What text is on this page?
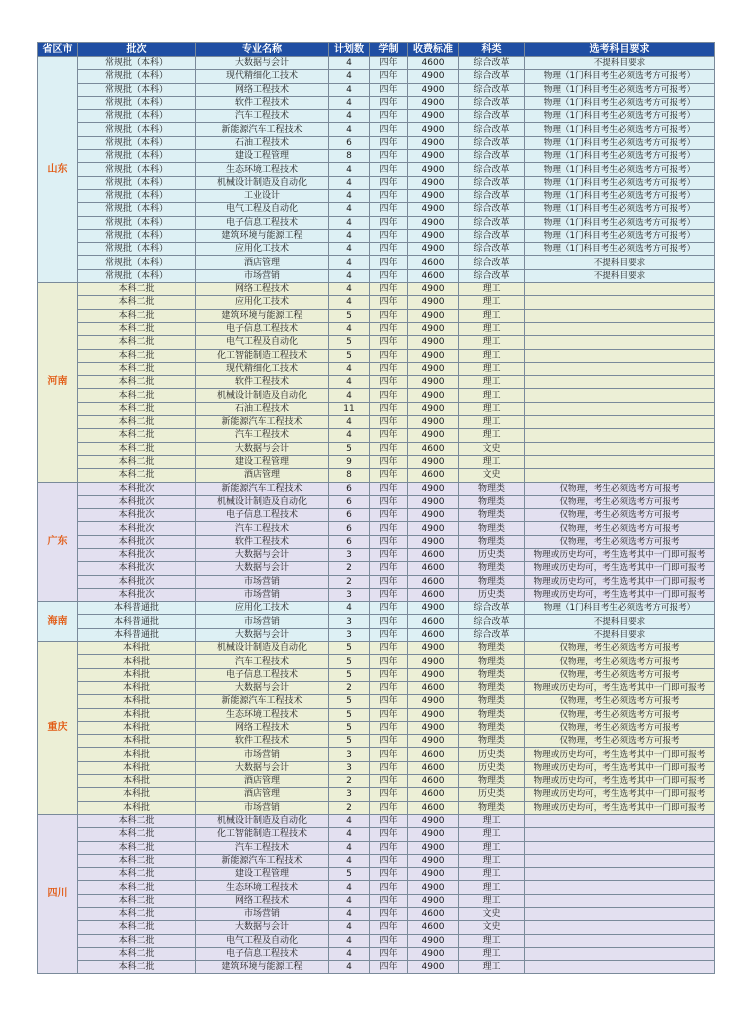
省区市	批次	专业名称	计划数	学制	收费标准	科类	选考科目要求
山东	常规批（本科）	大数据与会计	4	四年	4600	综合改革	不提科目要求
	常规批（本科）	现代精细化工技术	4	四年	4900	综合改革	物理（1门科目考生必须选考方可报考）
	常规批（本科）	网络工程技术	4	四年	4900	综合改革	物理（1门科目考生必须选考方可报考）
	常规批（本科）	软件工程技术	4	四年	4900	综合改革	物理（1门科目考生必须选考方可报考）
	常规批（本科）	汽车工程技术	4	四年	4900	综合改革	物理（1门科目考生必须选考方可报考）
	常规批（本科）	新能源汽车工程技术	4	四年	4900	综合改革	物理（1门科目考生必须选考方可报考）
	常规批（本科）	石油工程技术	6	四年	4900	综合改革	物理（1门科目考生必须选考方可报考）
	常规批（本科）	建设工程管理	8	四年	4900	综合改革	物理（1门科目考生必须选考方可报考）
	常规批（本科）	生态环境工程技术	4	四年	4900	综合改革	物理（1门科目考生必须选考方可报考）
	常规批（本科）	机械设计制造及自动化	4	四年	4900	综合改革	物理（1门科目考生必须选考方可报考）
	常规批（本科）	工业设计	4	四年	4900	综合改革	物理（1门科目考生必须选考方可报考）
	常规批（本科）	电气工程及自动化	4	四年	4900	综合改革	物理（1门科目考生必须选考方可报考）
	常规批（本科）	电子信息工程技术	4	四年	4900	综合改革	物理（1门科目考生必须选考方可报考）
	常规批（本科）	建筑环境与能源工程	4	四年	4900	综合改革	物理（1门科目考生必须选考方可报考）
	常规批（本科）	应用化工技术	4	四年	4900	综合改革	物理（1门科目考生必须选考方可报考）
	常规批（本科）	酒店管理	4	四年	4600	综合改革	不提科目要求
	常规批（本科）	市场营销	4	四年	4600	综合改革	不提科目要求
河南	本科二批	网络工程技术	4	四年	4900	理工	
	本科二批	应用化工技术	4	四年	4900	理工	
	本科二批	建筑环境与能源工程	5	四年	4900	理工	
	本科二批	电子信息工程技术	4	四年	4900	理工	
	本科二批	电气工程及自动化	5	四年	4900	理工	
	本科二批	化工智能制造工程技术	5	四年	4900	理工	
	本科二批	现代精细化工技术	4	四年	4900	理工	
	本科二批	软件工程技术	4	四年	4900	理工	
	本科二批	机械设计制造及自动化	4	四年	4900	理工	
	本科二批	石油工程技术	11	四年	4900	理工	
	本科二批	新能源汽车工程技术	4	四年	4900	理工	
	本科二批	汽车工程技术	4	四年	4900	理工	
	本科二批	大数据与会计	5	四年	4600	文史	
	本科二批	建设工程管理	9	四年	4900	理工	
	本科二批	酒店管理	8	四年	4600	文史	
广东	本科批次	新能源汽车工程技术	6	四年	4900	物理类	仅物理，考生必须选考方可报考
	本科批次	机械设计制造及自动化	6	四年	4900	物理类	仅物理，考生必须选考方可报考
	本科批次	电子信息工程技术	6	四年	4900	物理类	仅物理，考生必须选考方可报考
	本科批次	汽车工程技术	6	四年	4900	物理类	仅物理，考生必须选考方可报考
	本科批次	软件工程技术	6	四年	4900	物理类	仅物理，考生必须选考方可报考
	本科批次	大数据与会计	3	四年	4600	历史类	物理或历史均可，考生选考其中一门即可报考
	本科批次	大数据与会计	2	四年	4600	物理类	物理或历史均可，考生选考其中一门即可报考
	本科批次	市场营销	2	四年	4600	物理类	物理或历史均可，考生选考其中一门即可报考
	本科批次	市场营销	3	四年	4600	历史类	物理或历史均可，考生选考其中一门即可报考
海南	本科普通批	应用化工技术	4	四年	4900	综合改革	物理（1门科目考生必须选考方可报考）
	本科普通批	市场营销	3	四年	4600	综合改革	不提科目要求
	本科普通批	大数据与会计	3	四年	4600	综合改革	不提科目要求
重庆	本科批	机械设计制造及自动化	5	四年	4900	物理类	仅物理，考生必须选考方可报考
	本科批	汽车工程技术	5	四年	4900	物理类	仅物理，考生必须选考方可报考
	本科批	电子信息工程技术	5	四年	4900	物理类	仅物理，考生必须选考方可报考
	本科批	大数据与会计	2	四年	4600	物理类	物理或历史均可，考生选考其中一门即可报考
	本科批	新能源汽车工程技术	5	四年	4900	物理类	仅物理，考生必须选考方可报考
	本科批	生态环境工程技术	5	四年	4900	物理类	仅物理，考生必须选考方可报考
	本科批	网络工程技术	5	四年	4900	物理类	仅物理，考生必须选考方可报考
	本科批	软件工程技术	5	四年	4900	物理类	仅物理，考生必须选考方可报考
	本科批	市场营销	3	四年	4600	历史类	物理或历史均可，考生选考其中一门即可报考
	本科批	大数据与会计	3	四年	4600	历史类	物理或历史均可，考生选考其中一门即可报考
	本科批	酒店管理	2	四年	4600	物理类	物理或历史均可，考生选考其中一门即可报考
	本科批	酒店管理	3	四年	4600	历史类	物理或历史均可，考生选考其中一门即可报考
	本科批	市场营销	2	四年	4600	物理类	物理或历史均可，考生选考其中一门即可报考
四川	本科二批	机械设计制造及自动化	4	四年	4900	理工	
	本科二批	化工智能制造工程技术	4	四年	4900	理工	
	本科二批	汽车工程技术	4	四年	4900	理工	
	本科二批	新能源汽车工程技术	4	四年	4900	理工	
	本科二批	建设工程管理	5	四年	4900	理工	
	本科二批	生态环境工程技术	4	四年	4900	理工	
	本科二批	网络工程技术	4	四年	4900	理工	
	本科二批	市场营销	4	四年	4600	文史	
	本科二批	大数据与会计	4	四年	4600	文史	
	本科二批	电气工程及自动化	4	四年	4900	理工	
	本科二批	电子信息工程技术	4	四年	4900	理工	
	本科二批	建筑环境与能源工程	4	四年	4900	理工	
